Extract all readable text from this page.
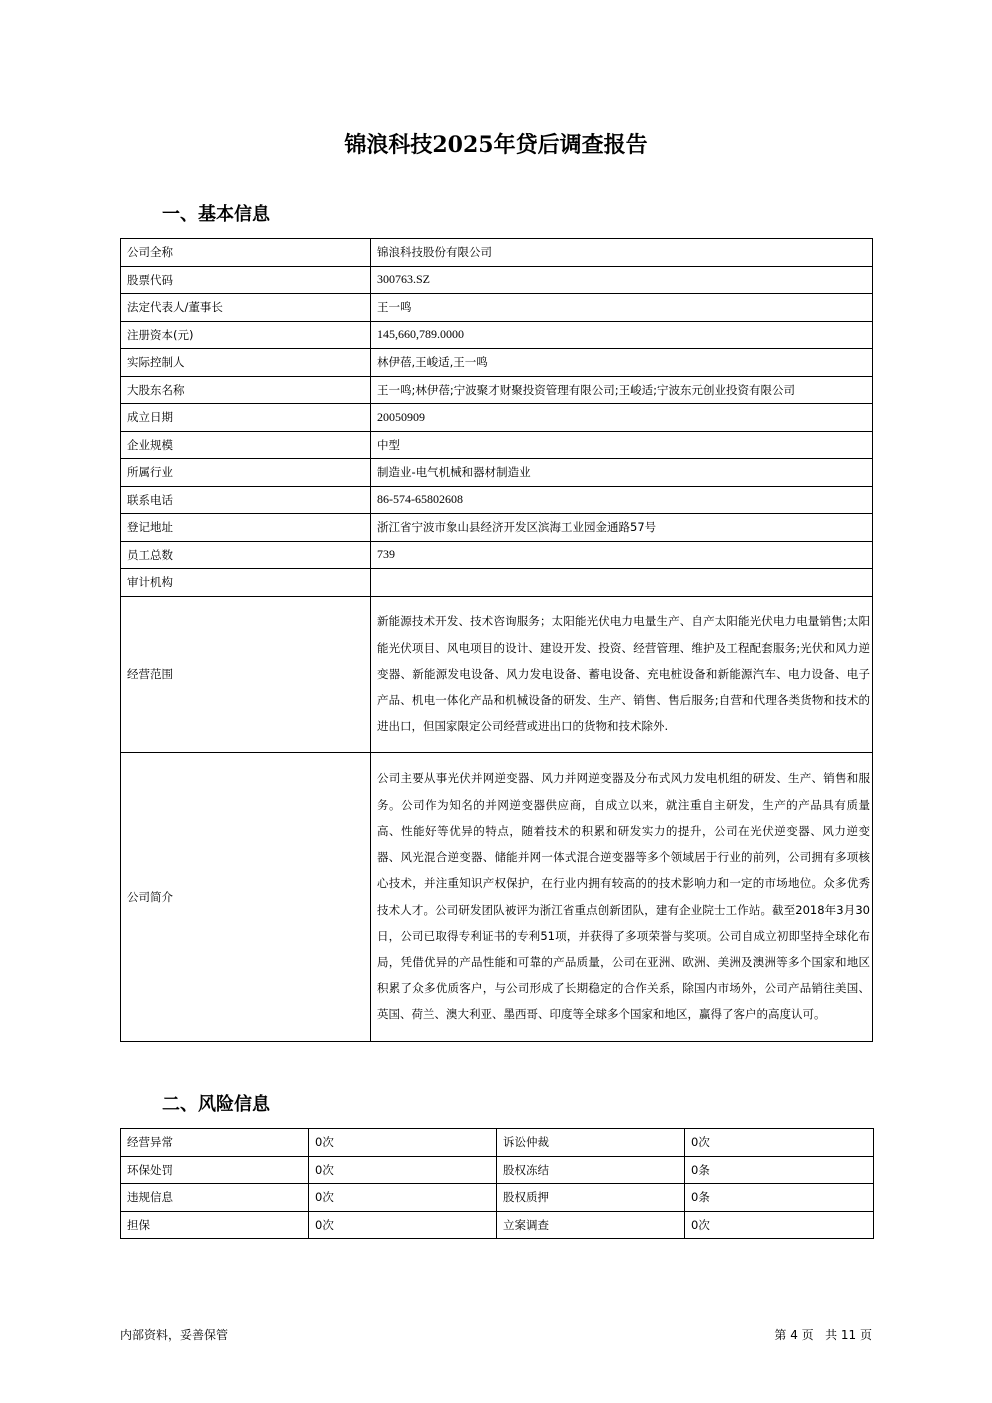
锦浪科技2025年贷后调查报告
一、基本信息
公司全称	锦浪科技股份有限公司
股票代码	300763.SZ
法定代表人/董事长	王一鸣
注册资本(元)	145,660,789.0000
实际控制人	林伊蓓,王峻适,王一鸣
大股东名称	王一鸣;林伊蓓;宁波聚才财聚投资管理有限公司;王峻适;宁波东元创业投资有限公司
成立日期	20050909
企业规模	中型
所属行业	制造业-电气机械和器材制造业
联系电话	86-574-65802608
登记地址	浙江省宁波市象山县经济开发区滨海工业园金通路57号
员工总数	739
审计机构	
经营范围	新能源技术开发、技术咨询服务；太阳能光伏电力电量生产、自产太阳能光伏电力电量销售;太阳能光伏项目、风电项目的设计、建设开发、投资、经营管理、维护及工程配套服务;光伏和风力逆变器、新能源发电设备、风力发电设备、蓄电设备、充电桩设备和新能源汽车、电力设备、电子产品、机电一体化产品和机械设备的研发、生产、销售、售后服务;自营和代理各类货物和技术的进出口，但国家限定公司经营或进出口的货物和技术除外.
公司简介	公司主要从事光伏并网逆变器、风力并网逆变器及分布式风力发电机组的研发、生产、销售和服务。公司作为知名的并网逆变器供应商，自成立以来，就注重自主研发，生产的产品具有质量高、性能好等优异的特点，随着技术的积累和研发实力的提升，公司在光伏逆变器、风力逆变器、风光混合逆变器、储能并网一体式混合逆变器等多个领域居于行业的前列，公司拥有多项核心技术，并注重知识产权保护，在行业内拥有较高的的技术影响力和一定的市场地位。众多优秀技术人才。公司研发团队被评为浙江省重点创新团队，建有企业院士工作站。截至2018年3月30日，公司已取得专利证书的专利51项，并获得了多项荣誉与奖项。公司自成立初即坚持全球化布局，凭借优异的产品性能和可靠的产品质量，公司在亚洲、欧洲、美洲及澳洲等多个国家和地区积累了众多优质客户，与公司形成了长期稳定的合作关系，除国内市场外，公司产品销往美国、英国、荷兰、澳大利亚、墨西哥、印度等全球多个国家和地区，赢得了客户的高度认可。
二、风险信息
经营异常	0次	诉讼仲裁	0次
环保处罚	0次	股权冻结	0条
违规信息	0次	股权质押	0条
担保	0次	立案调查	0次
内部资料，妥善保管	第 4 页   共 11 页
